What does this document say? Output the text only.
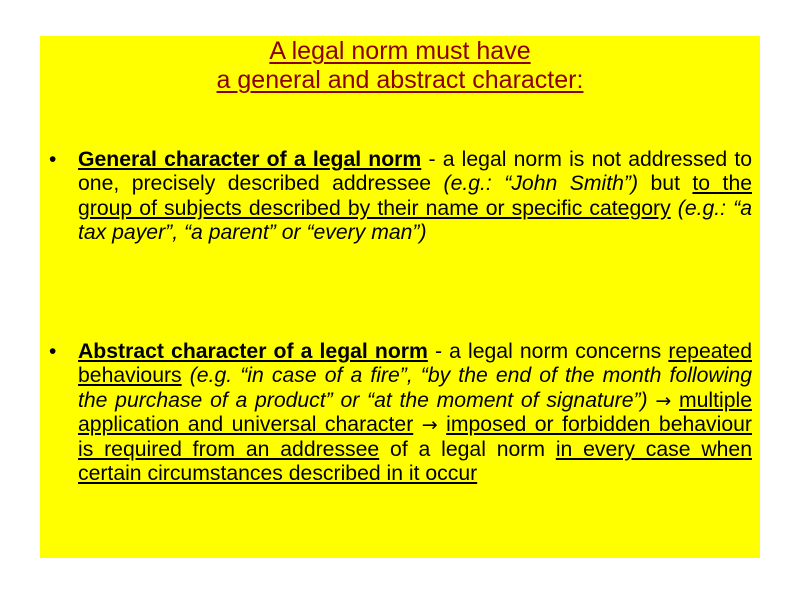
A legal norm must have
a general and abstract character:
• General character of a legal norm - a legal norm is not addressed to one, precisely described addressee (e.g.: “John Smith”) but to the group of subjects described by their name or specific category (e.g.: “a tax payer”, “a parent” or “every man”)
• Abstract character of a legal norm - a legal norm concerns repeated behaviours (e.g. “in case of a fire”, “by the end of the month following the purchase of a product” or “at the moment of signature”) → multiple application and universal character → imposed or forbidden behaviour is required from an addressee of a legal norm in every case when certain circumstances described in it occur
